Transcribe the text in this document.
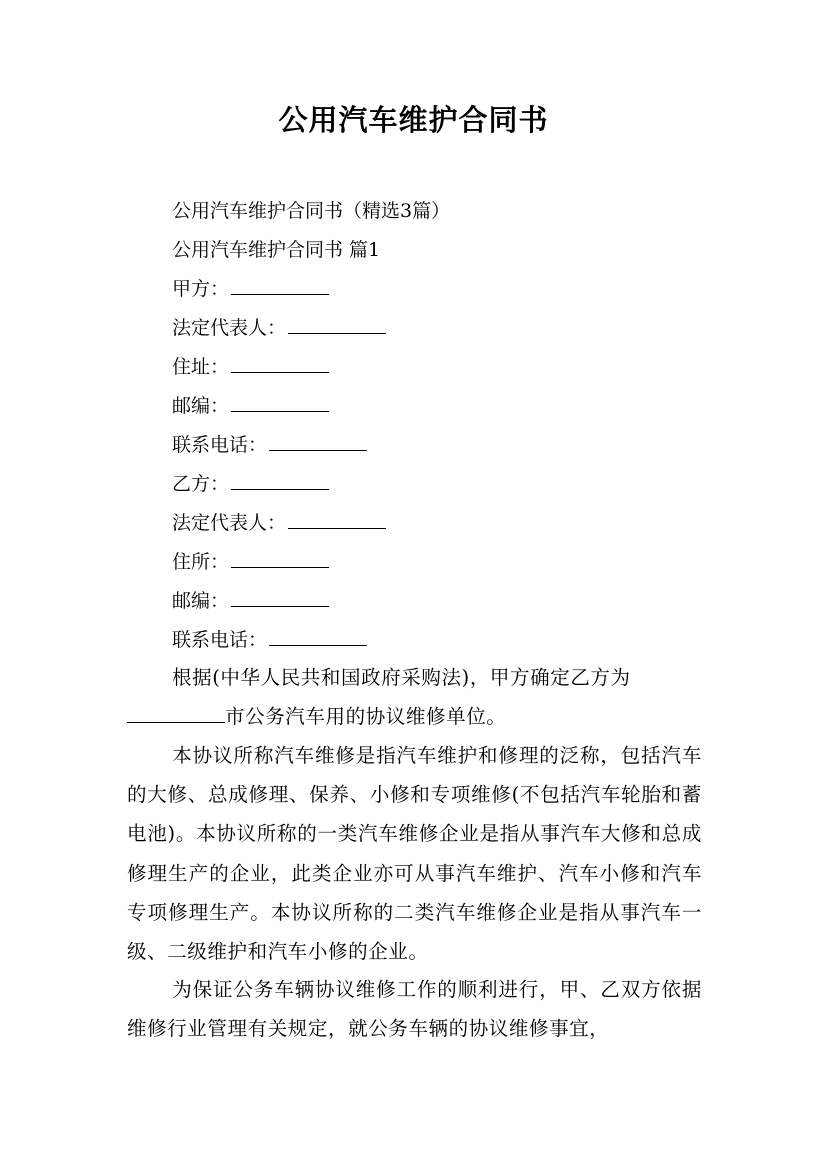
公用汽车维护合同书
公用汽车维护合同书（精选3篇）
公用汽车维护合同书 篇1
甲方：
法定代表人：
住址：
邮编：
联系电话：
乙方：
法定代表人：
住所：
邮编：
联系电话：
根据(中华人民共和国政府采购法)，甲方确定乙方为
市公务汽车用的协议维修单位。
本协议所称汽车维修是指汽车维护和修理的泛称，包括汽车的大修、总成修理、保养、小修和专项维修(不包括汽车轮胎和蓄电池)。本协议所称的一类汽车维修企业是指从事汽车大修和总成修理生产的企业，此类企业亦可从事汽车维护、汽车小修和汽车专项修理生产。本协议所称的二类汽车维修企业是指从事汽车一级、二级维护和汽车小修的企业。
为保证公务车辆协议维修工作的顺利进行，甲、乙双方依据维修行业管理有关规定，就公务车辆的协议维修事宜，
